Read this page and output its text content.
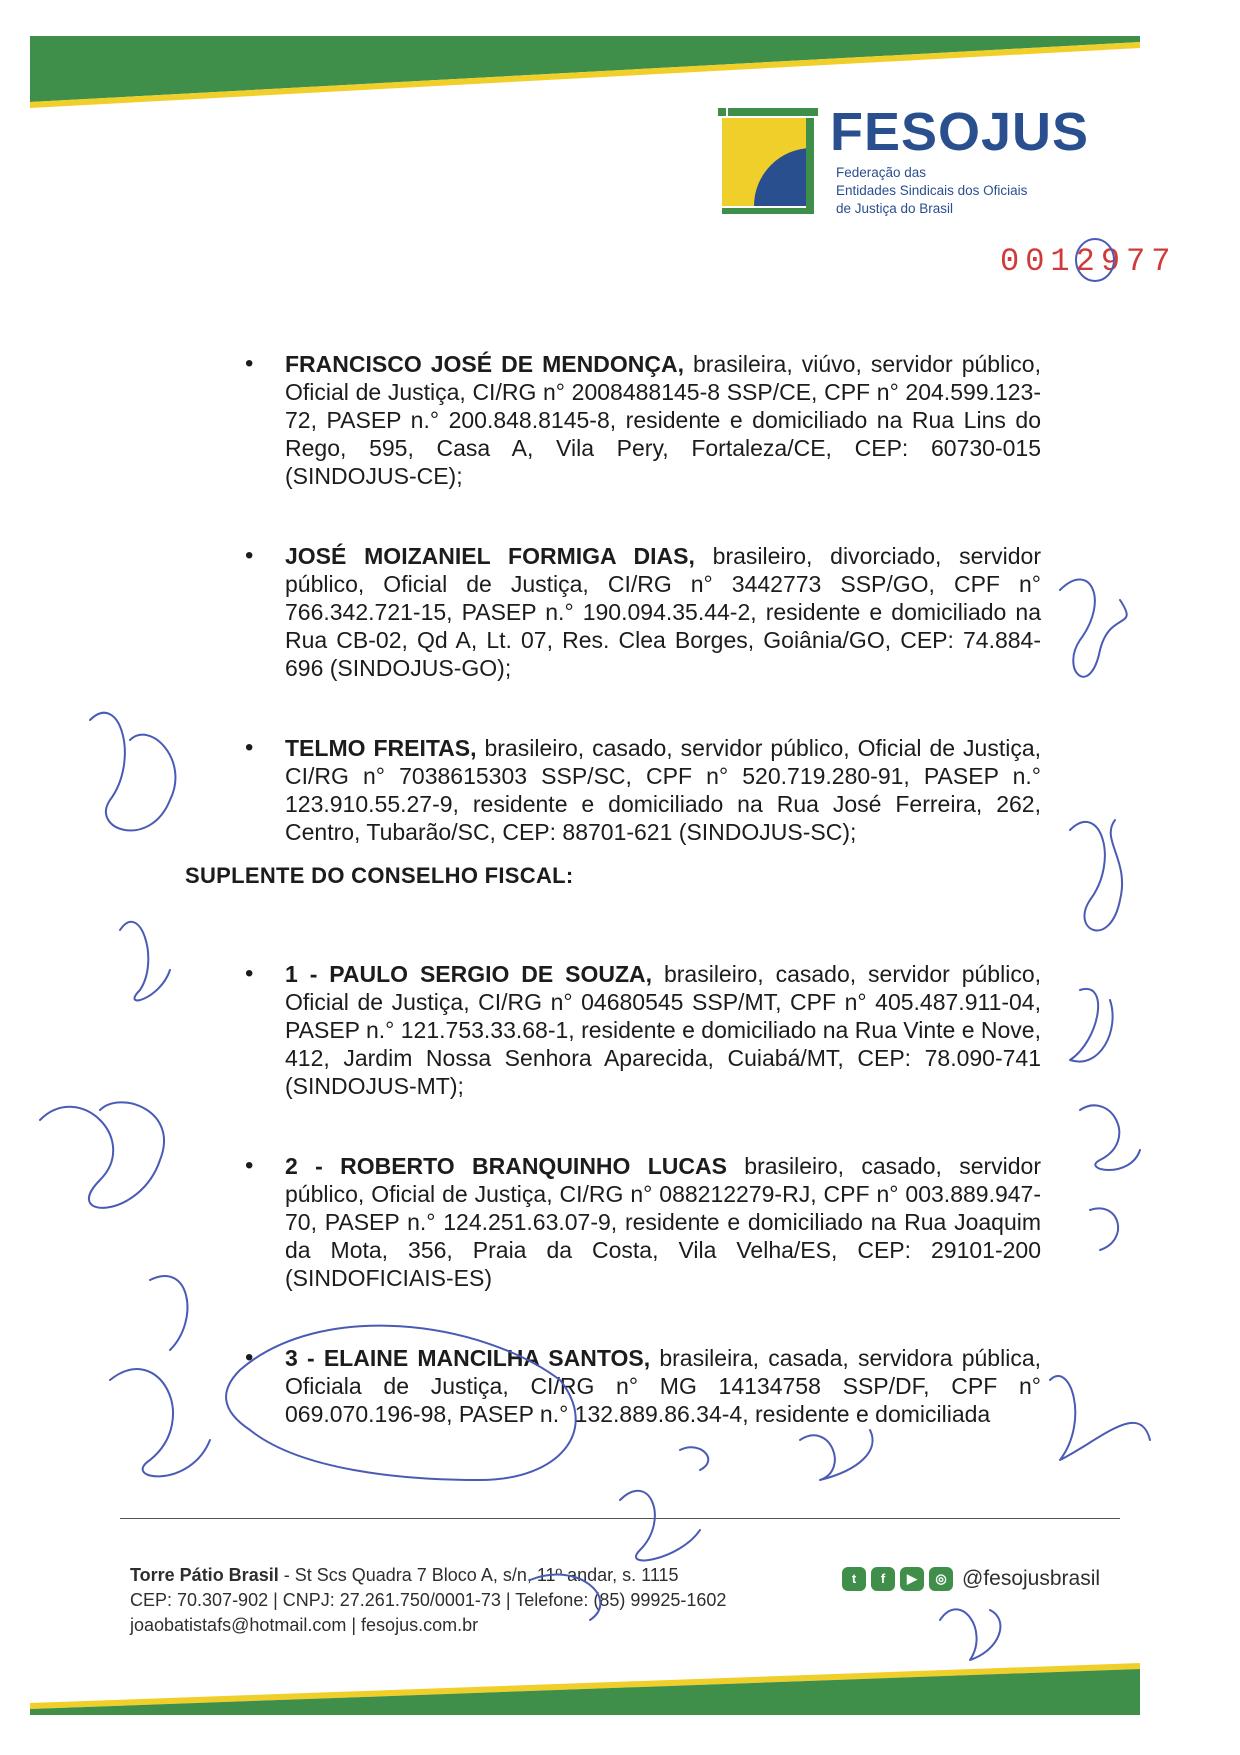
FESOJUS
Federação das
Entidades Sindicais dos Oficiais
de Justiça do Brasil
0012977
• FRANCISCO JOSÉ DE MENDONÇA, brasileira, viúvo, servidor público, Oficial de Justiça, CI/RG n° 2008488145-8 SSP/CE, CPF n° 204.599.123-72, PASEP n.° 200.848.8145-8, residente e domiciliado na Rua Lins do Rego, 595, Casa A, Vila Pery, Fortaleza/CE, CEP: 60730-015 (SINDOJUS-CE);
• JOSÉ MOIZANIEL FORMIGA DIAS, brasileiro, divorciado, servidor público, Oficial de Justiça, CI/RG n° 3442773 SSP/GO, CPF n° 766.342.721-15, PASEP n.° 190.094.35.44-2, residente e domiciliado na Rua CB-02, Qd A, Lt. 07, Res. Clea Borges, Goiânia/GO, CEP: 74.884-696 (SINDOJUS-GO);
• TELMO FREITAS, brasileiro, casado, servidor público, Oficial de Justiça, CI/RG n° 7038615303 SSP/SC, CPF n° 520.719.280-91, PASEP n.° 123.910.55.27-9, residente e domiciliado na Rua José Ferreira, 262, Centro, Tubarão/SC, CEP: 88701-621 (SINDOJUS-SC);
SUPLENTE DO CONSELHO FISCAL:
• 1 - PAULO SERGIO DE SOUZA, brasileiro, casado, servidor público, Oficial de Justiça, CI/RG n° 04680545 SSP/MT, CPF n° 405.487.911-04, PASEP n.° 121.753.33.68-1, residente e domiciliado na Rua Vinte e Nove, 412, Jardim Nossa Senhora Aparecida, Cuiabá/MT, CEP: 78.090-741 (SINDOJUS-MT);
• 2 - ROBERTO BRANQUINHO LUCAS brasileiro, casado, servidor público, Oficial de Justiça, CI/RG n° 088212279-RJ, CPF n° 003.889.947-70, PASEP n.° 124.251.63.07-9, residente e domiciliado na Rua Joaquim da Mota, 356, Praia da Costa, Vila Velha/ES, CEP: 29101-200 (SINDOFICIAIS-ES)
• 3 - ELAINE MANCILHA SANTOS, brasileira, casada, servidora pública, Oficiala de Justiça, CI/RG n° MG 14134758 SSP/DF, CPF n° 069.070.196-98, PASEP n.° 132.889.86.34-4, residente e domiciliada
Torre Pátio Brasil - St Scs Quadra 7 Bloco A, s/n, 11º andar, s. 1115
CEP: 70.307-902 | CNPJ: 27.261.750/0001-73 | Telefone: (85) 99925-1602
joaobatistafs@hotmail.com | fesojus.com.br
t	f	▶	◎ @fesojusbrasil
